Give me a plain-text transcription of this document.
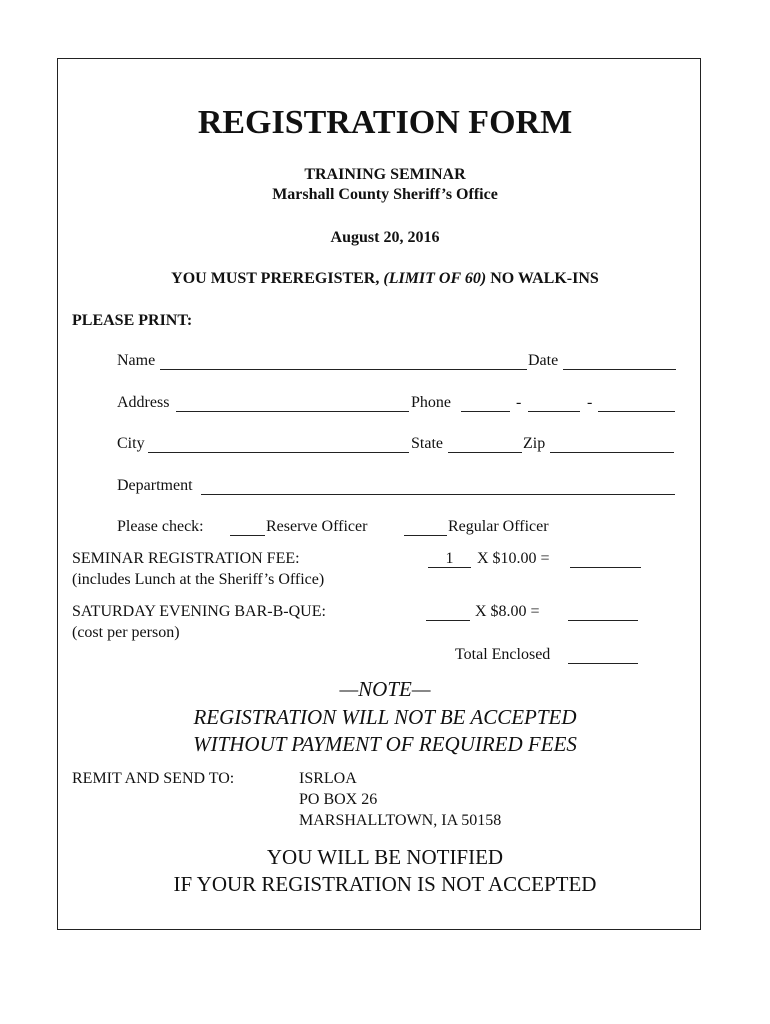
REGISTRATION FORM
TRAINING SEMINAR
Marshall County Sheriff’s Office
August 20, 2016
YOU MUST PREREGISTER, (LIMIT OF 60) NO WALK-INS
PLEASE PRINT:
Name	Date
Address	Phone	-	-
City	State	Zip
Department
Please check:	Reserve Officer	Regular Officer
SEMINAR REGISTRATION FEE:
(includes Lunch at the Sheriff’s Office)
1	X $10.00 =
SATURDAY EVENING BAR-B-QUE:
(cost per person)
X $8.00 =
Total Enclosed
—NOTE—
REGISTRATION WILL NOT BE ACCEPTED
WITHOUT PAYMENT OF REQUIRED FEES
REMIT AND SEND TO:	ISRLOA
PO BOX 26
MARSHALLTOWN, IA 50158
YOU WILL BE NOTIFIED
IF YOUR REGISTRATION IS NOT ACCEPTED
